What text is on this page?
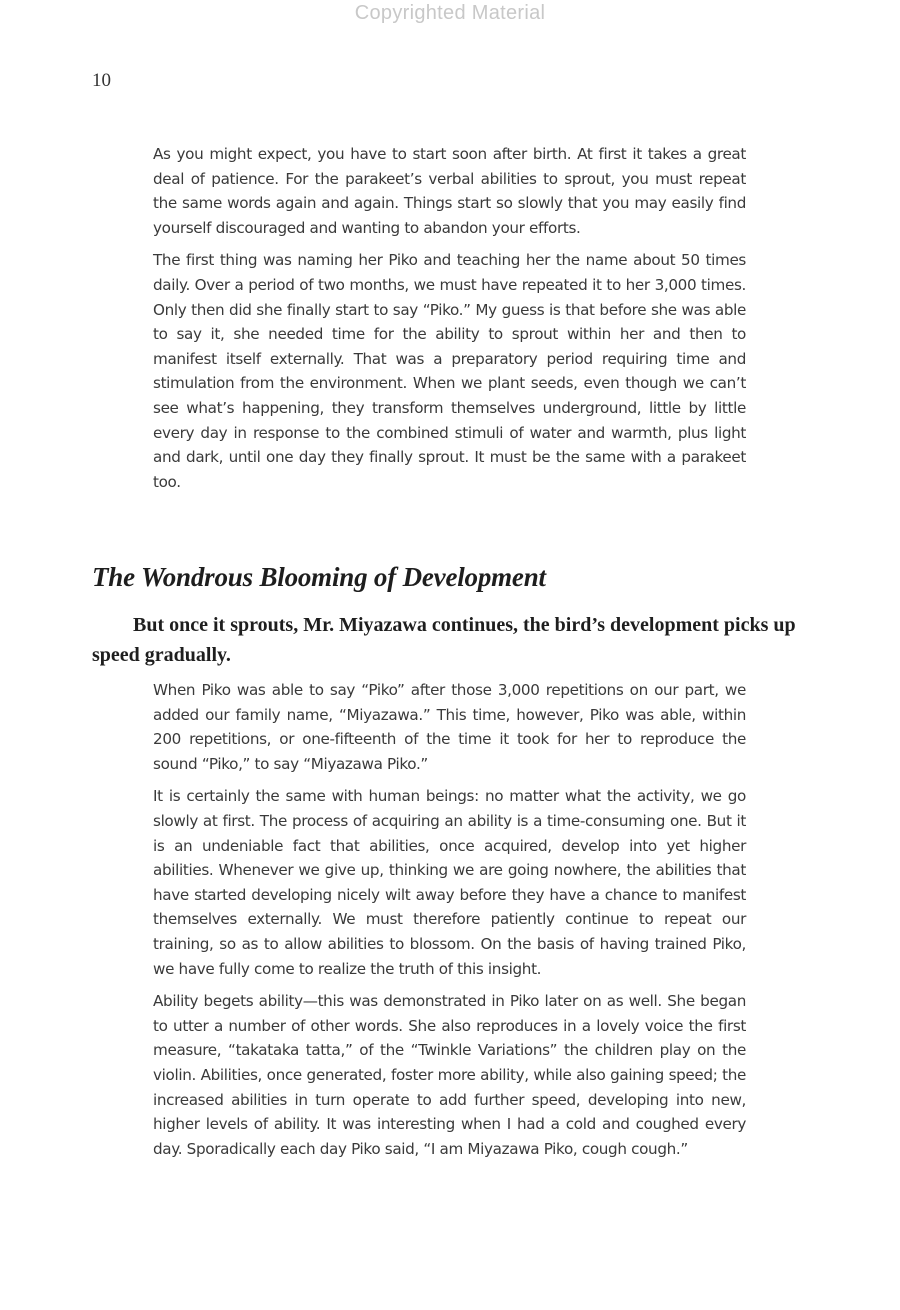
Copyrighted Material
10

As you might expect, you have to start soon after birth. At first it takes a great deal of patience. For the parakeet’s verbal abilities to sprout, you must repeat the same words again and again. Things start so slowly that you may easily find yourself discouraged and wanting to abandon your efforts.

The first thing was naming her Piko and teaching her the name about 50 times daily. Over a period of two months, we must have repeated it to her 3,000 times. Only then did she finally start to say “Piko.” My guess is that before she was able to say it, she needed time for the ability to sprout within her and then to manifest itself externally. That was a preparatory period requiring time and stimulation from the environment. When we plant seeds, even though we can’t see what’s happening, they transform themselves underground, little by little every day in response to the combined stimuli of water and warmth, plus light and dark, until one day they finally sprout. It must be the same with a parakeet too.

The Wondrous Blooming of Development

But once it sprouts, Mr. Miyazawa continues, the bird’s development picks up speed gradually.

When Piko was able to say “Piko” after those 3,000 repetitions on our part, we added our family name, “Miyazawa.” This time, however, Piko was able, within 200 repetitions, or one-fifteenth of the time it took for her to reproduce the sound “Piko,” to say “Miyazawa Piko.”

It is certainly the same with human beings: no matter what the activity, we go slowly at first. The process of acquiring an ability is a time-consuming one. But it is an undeniable fact that abilities, once acquired, develop into yet higher abilities. Whenever we give up, thinking we are going nowhere, the abilities that have started developing nicely wilt away before they have a chance to manifest themselves externally. We must therefore patiently continue to repeat our training, so as to allow abilities to blossom. On the basis of having trained Piko, we have fully come to realize the truth of this insight.

Ability begets ability—this was demonstrated in Piko later on as well. She began to utter a number of other words. She also reproduces in a lovely voice the first measure, “takataka tatta,” of the “Twinkle Variations” the children play on the violin. Abilities, once generated, foster more ability, while also gaining speed; the increased abilities in turn operate to add further speed, developing into new, higher levels of ability. It was interesting when I had a cold and coughed every day. Sporadically each day Piko said, “I am Miyazawa Piko, cough cough.”
